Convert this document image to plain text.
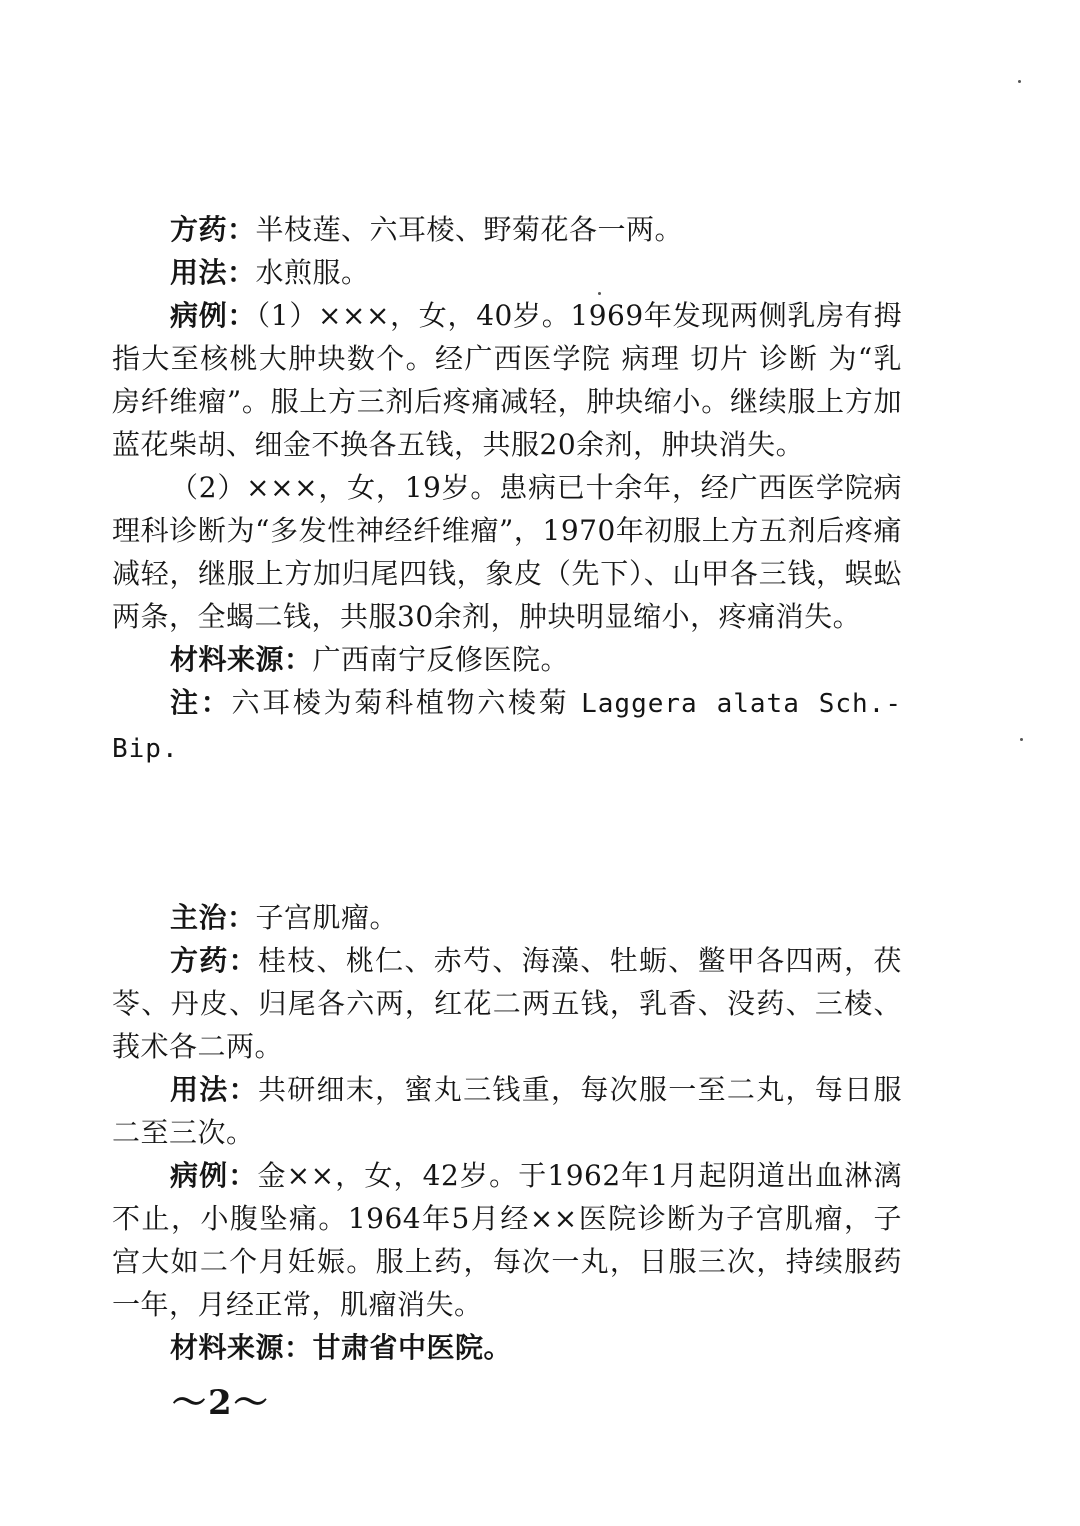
方药：半枝莲、六耳棱、野菊花各一两。

用法：水煎服。

病例：（1）×××，女，40岁。1969年发现两侧乳房有拇指大至核桃大肿块数个。经广西医学院 病理 切片 诊断 为“乳房纤维瘤”。服上方三剂后疼痛减轻，肿块缩小。继续服上方加蓝花柴胡、细金不换各五钱，共服20余剂，肿块消失。

（2）×××，女，19岁。患病已十余年，经广西医学院病理科诊断为“多发性神经纤维瘤”，1970年初服上方五剂后疼痛减轻，继服上方加归尾四钱，象皮（先下）、山甲各三钱，蜈蚣两条，全蝎二钱，共服30余剂，肿块明显缩小，疼痛消失。

材料来源：广西南宁反修医院。

注：六耳棱为菊科植物六棱菊 Laggera alata Sch.-Bip.

主治：子宫肌瘤。

方药：桂枝、桃仁、赤芍、海藻、牡蛎、鳖甲各四两，茯苓、丹皮、归尾各六两，红花二两五钱，乳香、没药、三棱、莪术各二两。

用法：共研细末，蜜丸三钱重，每次服一至二丸，每日服二至三次。

病例：金××，女，42岁。于1962年1月起阴道出血淋漓不止，小腹坠痛。1964年5月经××医院诊断为子宫肌瘤，子宫大如二个月妊娠。服上药，每次一丸，日服三次，持续服药一年，月经正常，肌瘤消失。

材料来源：甘肃省中医院。

～2～
